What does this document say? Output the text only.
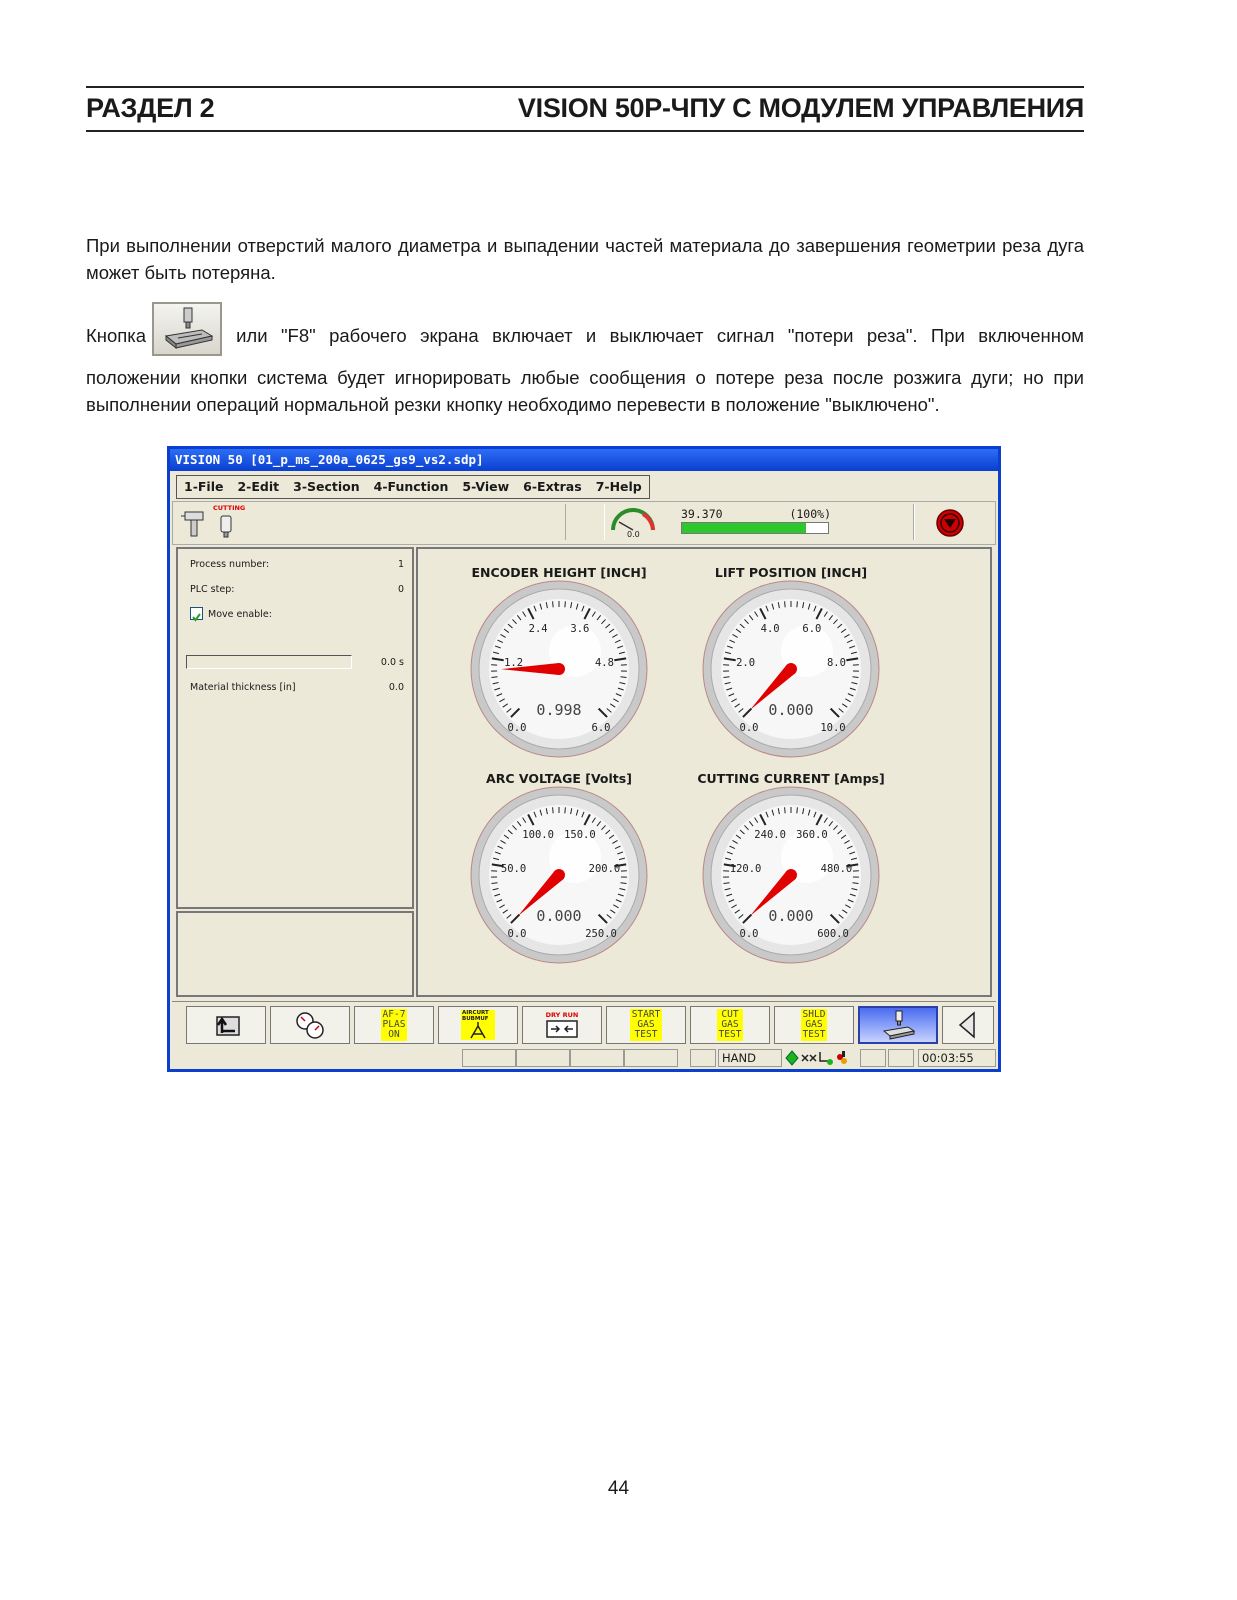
РАЗДЕЛ 2	VISION 50P-ЧПУ С МОДУЛЕМ УПРАВЛЕНИЯ
При выполнении отверстий малого диаметра и выпадении частей материала до завершения геометрии реза дуга может быть потеряна.
Кнопка	или "F8" рабочего экрана включает и выключает сигнал "потери реза". При включенном положении кнопки система будет игнорировать любые сообщения о потере реза после розжига дуги; но при выполнении операций нормальной резки кнопку необходимо перевести в положение "выключено".
VISION 50 [01_p_ms_200a_0625_gs9_vs2.sdp]
1-File	2-Edit	3-Section	4-Function	5-View	6-Extras	7-Help
CUTTING
0.0
39.370	(100%)
Process number:	1
PLC step:	0
Move enable:
0.0 s
Material thickness [in]	0.0
ENCODER HEIGHT [INCH]	LIFT POSITION [INCH]
ARC VOLTAGE [Volts]	CUTTING CURRENT [Amps]
0.0
1.2
2.4 3.6
4.8
6.0
0.998
0.0
2.0
4.0 6.0
8.0
10.0
0.000
0.0
50.0
100.0 150.0
200.0
250.0
0.000
0.0
120.0
240.0 360.0
480.0
600.0
0.000
AF-7
PLAS
ON
AIRCURT
BUBMUF	DRY RUN	START
GAS
TEST
CUT
GAS
TEST
SHLD
GAS
TEST
HAND	00:03:55
44
